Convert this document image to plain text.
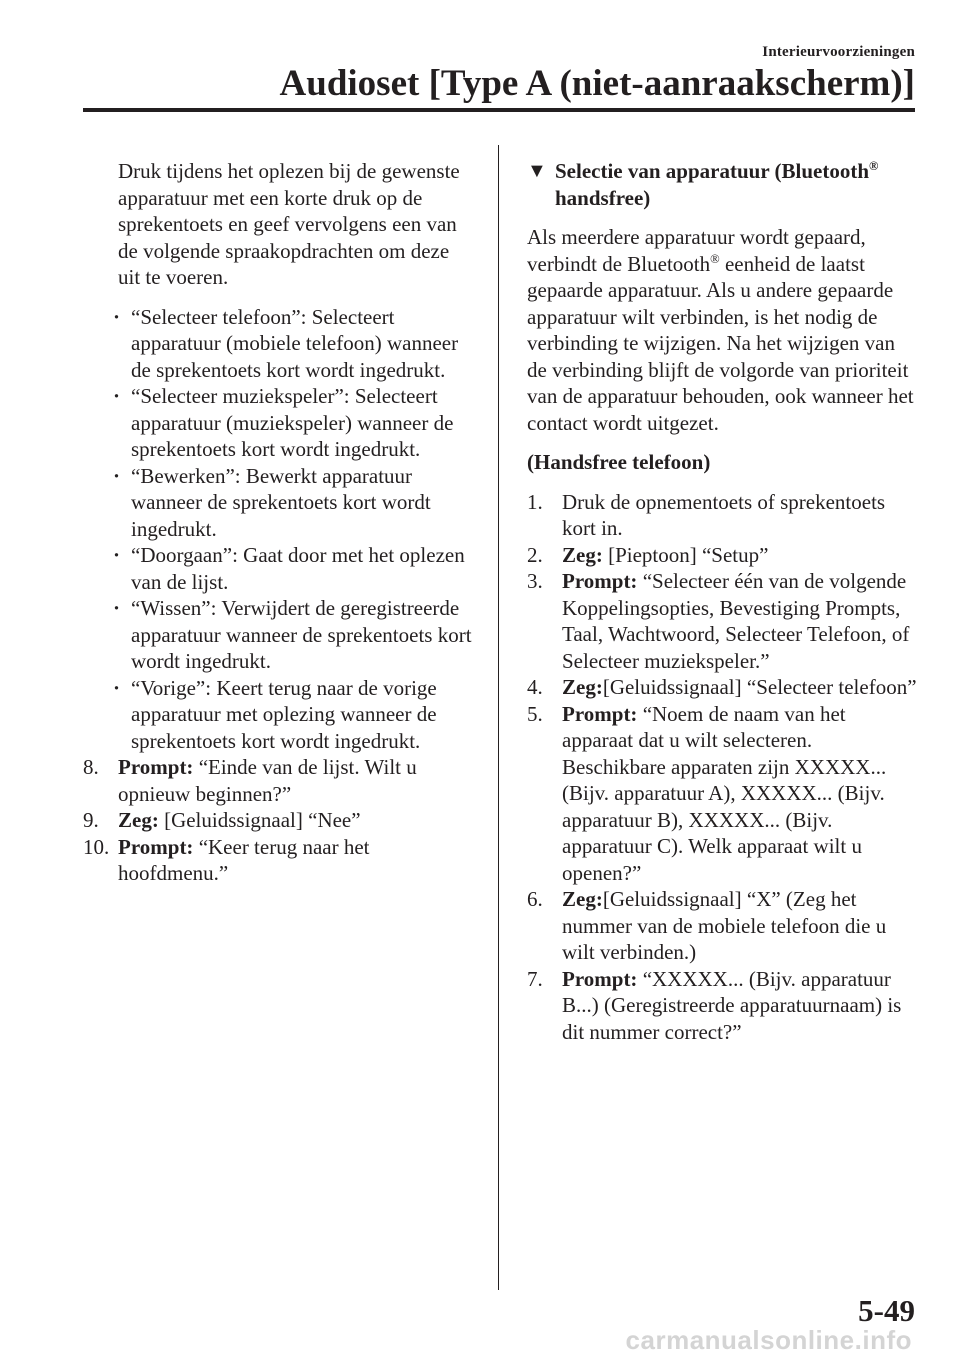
Interieurvoorzieningen
Audioset [Type A (niet-aanraakscherm)]

Druk tijdens het oplezen bij de gewenste apparatuur met een korte druk op de sprekentoets en geef vervolgens een van de volgende spraakopdrachten om deze uit te voeren.

· “Selecteer telefoon”: Selecteert apparatuur (mobiele telefoon) wanneer de sprekentoets kort wordt ingedrukt.
· “Selecteer muziekspeler”: Selecteert apparatuur (muziekspeler) wanneer de sprekentoets kort wordt ingedrukt.
· “Bewerken”: Bewerkt apparatuur wanneer de sprekentoets kort wordt ingedrukt.
· “Doorgaan”: Gaat door met het oplezen van de lijst.
· “Wissen”: Verwijdert de geregistreerde apparatuur wanneer de sprekentoets kort wordt ingedrukt.
· “Vorige”: Keert terug naar de vorige apparatuur met oplezing wanneer de sprekentoets kort wordt ingedrukt.
8. Prompt: “Einde van de lijst. Wilt u opnieuw beginnen?”
9. Zeg: [Geluidssignaal] “Nee”
10. Prompt: “Keer terug naar het hoofdmenu.”
▼ Selectie van apparatuur (Bluetooth® handsfree)

Als meerdere apparatuur wordt gepaard, verbindt de Bluetooth® eenheid de laatst gepaarde apparatuur. Als u andere gepaarde apparatuur wilt verbinden, is het nodig de verbinding te wijzigen. Na het wijzigen van de verbinding blijft de volgorde van prioriteit van de apparatuur behouden, ook wanneer het contact wordt uitgezet.

(Handsfree telefoon)

1. Druk de opnementoets of sprekentoets kort in.
2. Zeg: [Pieptoon] “Setup”
3. Prompt: “Selecteer één van de volgende Koppelingsopties, Bevestiging Prompts, Taal, Wachtwoord, Selecteer Telefoon, of Selecteer muziekspeler.”
4. Zeg:[Geluidssignaal] “Selecteer telefoon”
5. Prompt: “Noem de naam van het apparaat dat u wilt selecteren. Beschikbare apparaten zijn XXXXX... (Bijv. apparatuur A), XXXXX... (Bijv. apparatuur B), XXXXX... (Bijv. apparatuur C). Welk apparaat wilt u openen?”
6. Zeg:[Geluidssignaal] “X” (Zeg het nummer van de mobiele telefoon die u wilt verbinden.)
7. Prompt: “XXXXX... (Bijv. apparatuur B...) (Geregistreerde apparatuurnaam) is dit nummer correct?”
5-49
carmanualsonline.info
